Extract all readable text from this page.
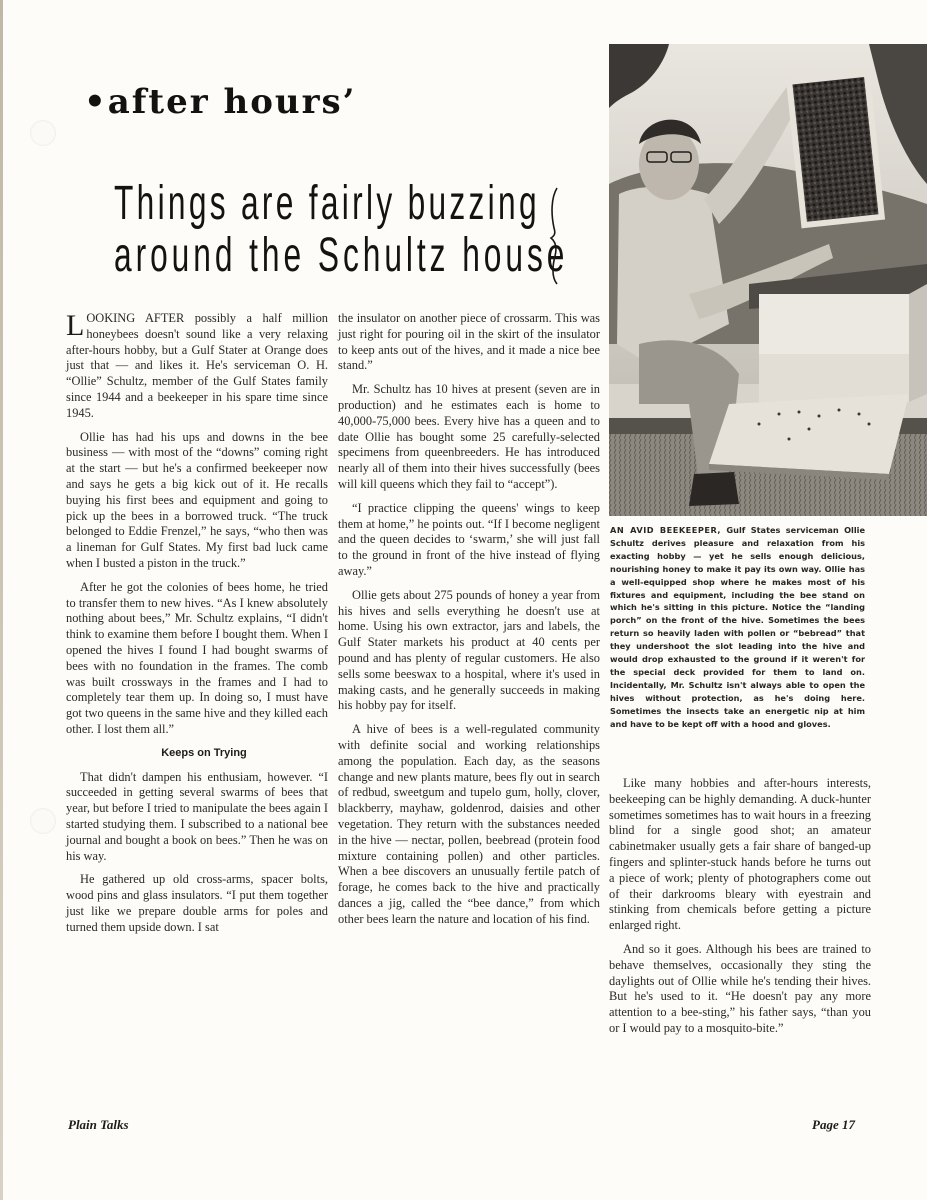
•after hours’
Things are fairly buzzing
around the Schultz house

LOOKING AFTER possibly a half million honeybees doesn't sound like a very relaxing after-hours hobby, but a Gulf Stater at Orange does just that — and likes it. He's serviceman O. H. “Ollie” Schultz, member of the Gulf States family since 1944 and a beekeeper in his spare time since 1945.

Ollie has had his ups and downs in the bee business — with most of the “downs” coming right at the start — but he's a confirmed beekeeper now and says he gets a big kick out of it. He recalls buying his first bees and equipment and going to pick up the bees in a borrowed truck. “The truck belonged to Eddie Frenzel,” he says, “who then was a lineman for Gulf States. My first bad luck came when I busted a piston in the truck.”

After he got the colonies of bees home, he tried to transfer them to new hives. “As I knew absolutely nothing about bees,” Mr. Schultz explains, “I didn't think to examine them before I bought them. When I opened the hives I found I had bought swarms of bees with no foundation in the frames. The comb was built crossways in the frames and I had to completely tear them up. In doing so, I must have got two queens in the same hive and they killed each other. I lost them all.”

Keeps on Trying

That didn't dampen his enthusiam, however. “I succeeded in getting several swarms of bees that year, but before I tried to manipulate the bees again I started studying them. I subscribed to a national bee journal and bought a book on bees.” Then he was on his way.

He gathered up old cross-arms, spacer bolts, wood pins and glass insulators. “I put them together just like we prepare double arms for poles and turned them upside down. I sat

the insulator on another piece of crossarm. This was just right for pouring oil in the skirt of the insulator to keep ants out of the hives, and it made a nice bee stand.”

Mr. Schultz has 10 hives at present (seven are in production) and he estimates each is home to 40,000-75,000 bees. Every hive has a queen and to date Ollie has bought some 25 carefully-selected specimens from queenbreeders. He has introduced nearly all of them into their hives successfully (bees will kill queens which they fail to “accept”).

“I practice clipping the queens' wings to keep them at home,” he points out. “If I become negligent and the queen decides to ‘swarm,’ she will just fall to the ground in front of the hive instead of flying away.”

Ollie gets about 275 pounds of honey a year from his hives and sells everything he doesn't use at home. Using his own extractor, jars and labels, the Gulf Stater markets his product at 40 cents per pound and has plenty of regular customers. He also sells some beeswax to a hospital, where it's used in making casts, and he generally succeeds in making his hobby pay for itself.

A hive of bees is a well-regulated community with definite social and working relationships among the population. Each day, as the seasons change and new plants mature, bees fly out in search of redbud, sweetgum and tupelo gum, holly, clover, blackberry, mayhaw, goldenrod, daisies and other vegetation. They return with the substances needed in the hive — nectar, pollen, beebread (protein food mixture containing pollen) and other particles. When a bee discovers an unusually fertile patch of forage, he comes back to the hive and practically dances a jig, called the “bee dance,” from which other bees learn the nature and location of his find.

AN AVID BEEKEEPER, Gulf States serviceman Ollie Schultz derives pleasure and relaxation from his exacting hobby — yet he sells enough delicious, nourishing honey to make it pay its own way. Ollie has a well-equipped shop where he makes most of his fixtures and equipment, including the bee stand on which he's sitting in this picture. Notice the “landing porch” on the front of the hive. Sometimes the bees return so heavily laden with pollen or “bebread” that they undershoot the slot leading into the hive and would drop exhausted to the ground if it weren't for the special deck provided for them to land on. Incidentally, Mr. Schultz isn't always able to open the hives without protection, as he's doing here. Sometimes the insects take an energetic nip at him and have to be kept off with a hood and gloves.

Like many hobbies and after-hours interests, beekeeping can be highly demanding. A duck-hunter sometimes sometimes has to wait hours in a freezing blind for a single good shot; an amateur cabinetmaker usually gets a fair share of banged-up fingers and splinter-stuck hands before he turns out a piece of work; plenty of photographers come out of their darkrooms bleary with eyestrain and stinking from chemicals before getting a picture enlarged right.

And so it goes. Although his bees are trained to behave themselves, occasionally they sting the daylights out of Ollie while he's tending their hives. But he's used to it. “He doesn't pay any more attention to a bee-sting,” his father says, “than you or I would pay to a mosquito-bite.”

Plain Talks	Page 17
